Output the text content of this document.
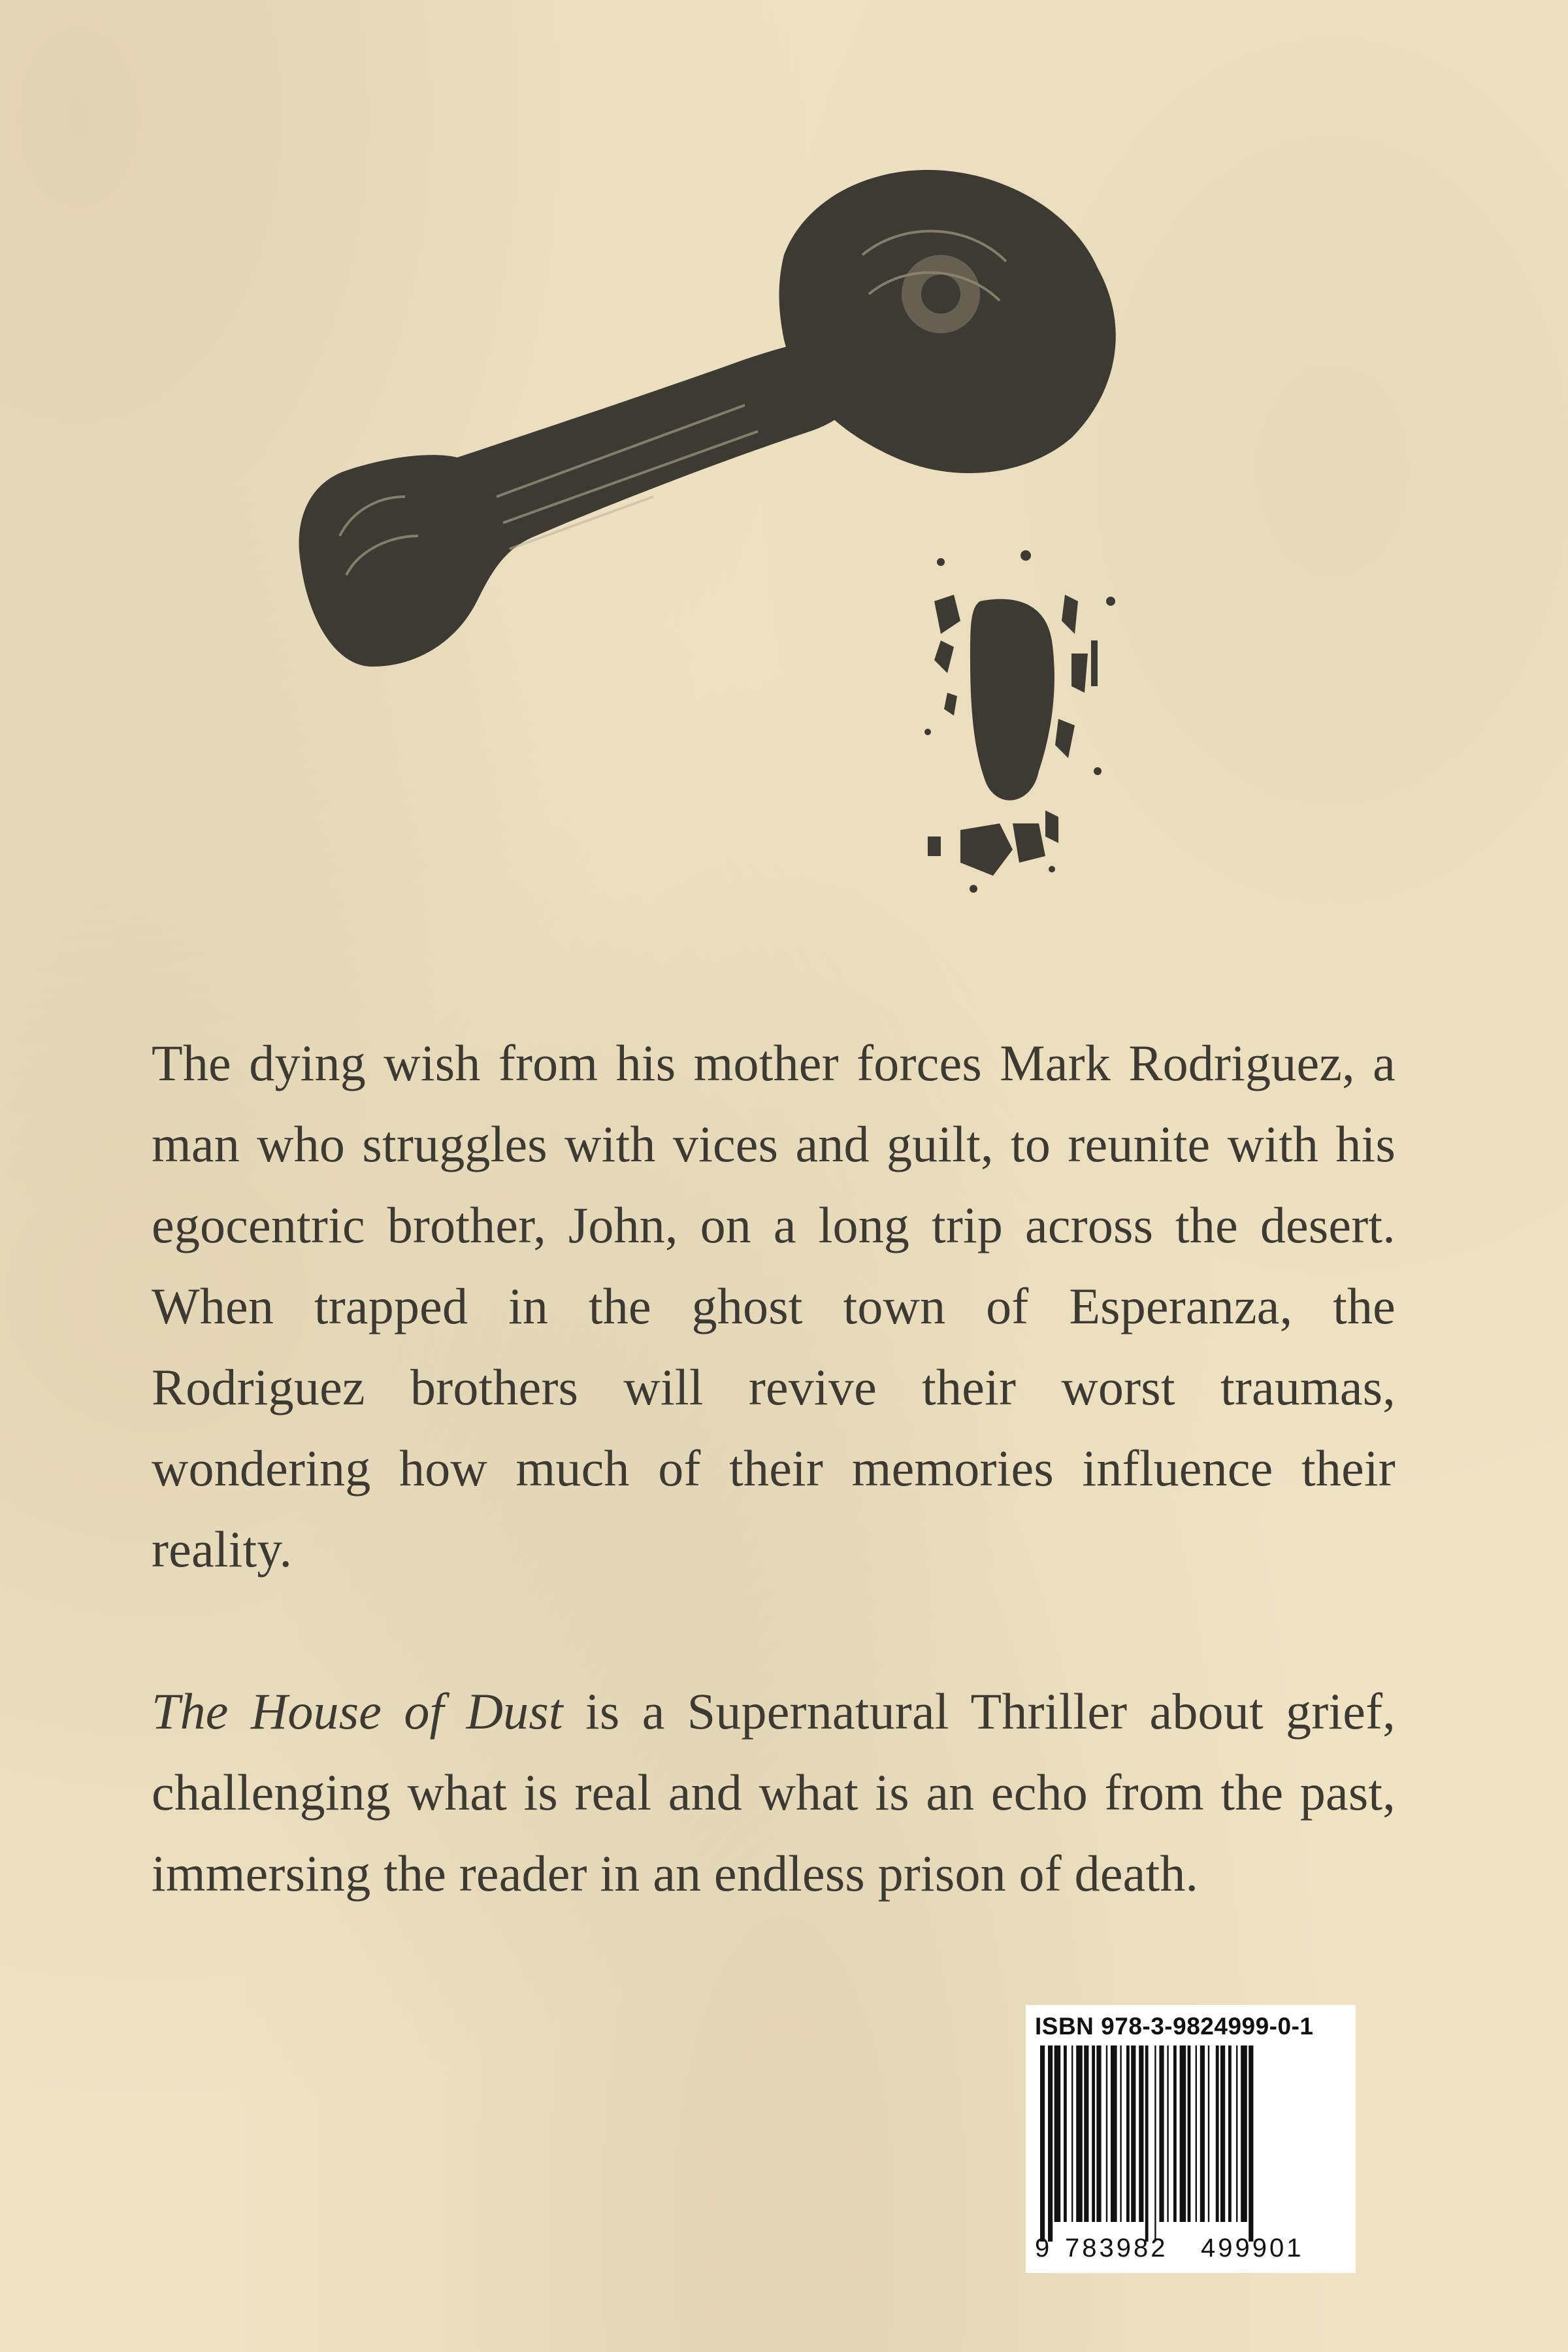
The dying wish from his mother forces Mark Rodriguez, a man who struggles with vices and guilt, to reunite with his egocentric brother, John, on a long trip across the desert. When trapped in the ghost town of Esperanza, the Rodriguez brothers will revive their worst traumas, wondering how much of their memories influence their reality.

The House of Dust is a Supernatural Thriller about grief, challenging what is real and what is an echo from the past, immersing the reader in an endless prison of death.

ISBN 978-3-9824999-0-1
9 783982 499901
